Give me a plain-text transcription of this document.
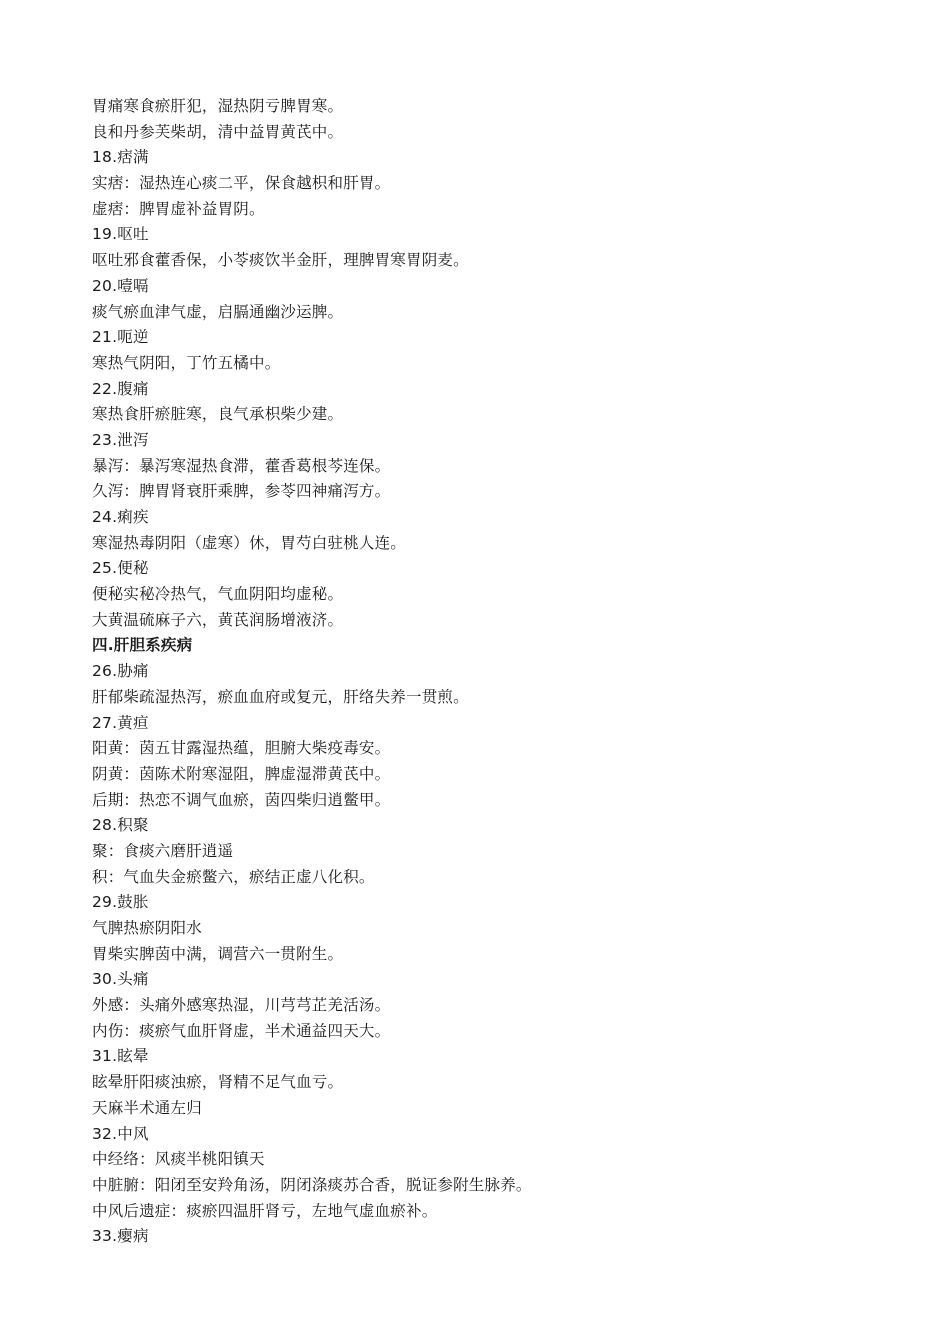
胃痛寒食瘀肝犯，湿热阴亏脾胃寒。
良和丹参芙柴胡，清中益胃黄芪中。
18.痞满
实痞：湿热连心痰二平，保食越枳和肝胃。
虚痞：脾胃虚补益胃阴。
19.呕吐
呕吐邪食藿香保，小苓痰饮半金肝，理脾胃寒胃阴麦。
20.噎嗝
痰气瘀血津气虚，启膈通幽沙运脾。
21.呃逆
寒热气阴阳，丁竹五橘中。
22.腹痛
寒热食肝瘀脏寒，良气承枳柴少建。
23.泄泻
暴泻：暴泻寒湿热食滞，藿香葛根芩连保。
久泻：脾胃肾衰肝乘脾，参苓四神痛泻方。
24.痢疾
寒湿热毒阴阳（虚寒）休，胃芍白驻桃人连。
25.便秘
便秘实秘冷热气，气血阴阳均虚秘。
大黄温硫麻子六，黄芪润肠增液济。
四.肝胆系疾病
26.胁痛
肝郁柴疏湿热泻，瘀血血府或复元，肝络失养一贯煎。
27.黄疸
阳黄：茵五甘露湿热蕴，胆腑大柴疫毒安。
阴黄：茵陈术附寒湿阻，脾虚湿滞黄芪中。
后期：热恋不调气血瘀，茵四柴归逍鳖甲。
28.积聚
聚：食痰六磨肝逍遥
积：气血失金瘀鳖六，瘀结正虚八化积。
29.鼓胀
气脾热瘀阴阳水
胃柴实脾茵中满，调营六一贯附生。
30.头痛
外感：头痛外感寒热湿，川芎芎芷羌活汤。
内伤：痰瘀气血肝肾虚，半术通益四天大。
31.眩晕
眩晕肝阳痰浊瘀，肾精不足气血亏。
天麻半术通左归
32.中风
中经络：风痰半桃阳镇天
中脏腑：阳闭至安羚角汤，阴闭涤痰苏合香，脱证参附生脉养。
中风后遗症：痰瘀四温肝肾亏，左地气虚血瘀补。
33.瘿病
